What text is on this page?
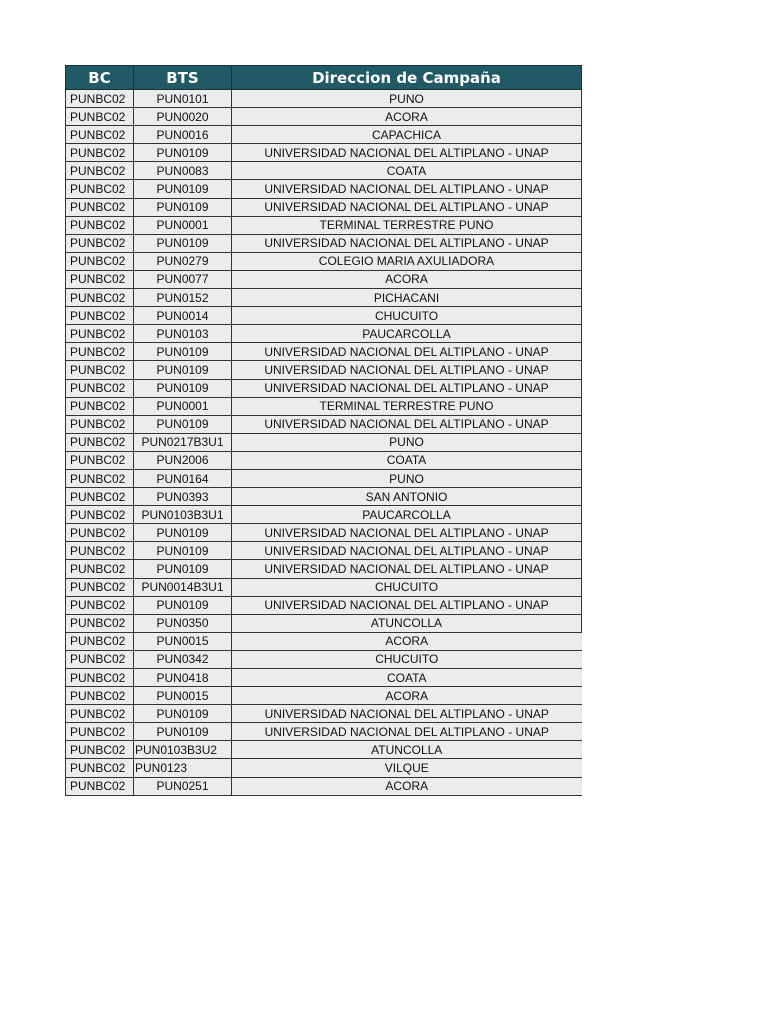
BC	BTS	Direccion de Campaña
PUNBC02	PUN0101	PUNO
PUNBC02	PUN0020	ACORA
PUNBC02	PUN0016	CAPACHICA
PUNBC02	PUN0109	UNIVERSIDAD NACIONAL DEL ALTIPLANO - UNAP
PUNBC02	PUN0083	COATA
PUNBC02	PUN0109	UNIVERSIDAD NACIONAL DEL ALTIPLANO - UNAP
PUNBC02	PUN0109	UNIVERSIDAD NACIONAL DEL ALTIPLANO - UNAP
PUNBC02	PUN0001	TERMINAL TERRESTRE PUNO
PUNBC02	PUN0109	UNIVERSIDAD NACIONAL DEL ALTIPLANO - UNAP
PUNBC02	PUN0279	COLEGIO MARIA AXULIADORA
PUNBC02	PUN0077	ACORA
PUNBC02	PUN0152	PICHACANI
PUNBC02	PUN0014	CHUCUITO
PUNBC02	PUN0103	PAUCARCOLLA
PUNBC02	PUN0109	UNIVERSIDAD NACIONAL DEL ALTIPLANO - UNAP
PUNBC02	PUN0109	UNIVERSIDAD NACIONAL DEL ALTIPLANO - UNAP
PUNBC02	PUN0109	UNIVERSIDAD NACIONAL DEL ALTIPLANO - UNAP
PUNBC02	PUN0001	TERMINAL TERRESTRE PUNO
PUNBC02	PUN0109	UNIVERSIDAD NACIONAL DEL ALTIPLANO - UNAP
PUNBC02	PUN0217B3U1	PUNO
PUNBC02	PUN2006	COATA
PUNBC02	PUN0164	PUNO
PUNBC02	PUN0393	SAN ANTONIO
PUNBC02	PUN0103B3U1	PAUCARCOLLA
PUNBC02	PUN0109	UNIVERSIDAD NACIONAL DEL ALTIPLANO - UNAP
PUNBC02	PUN0109	UNIVERSIDAD NACIONAL DEL ALTIPLANO - UNAP
PUNBC02	PUN0109	UNIVERSIDAD NACIONAL DEL ALTIPLANO - UNAP
PUNBC02	PUN0014B3U1	CHUCUITO
PUNBC02	PUN0109	UNIVERSIDAD NACIONAL DEL ALTIPLANO - UNAP
PUNBC02	PUN0350	ATUNCOLLA
PUNBC02	PUN0015	ACORA
PUNBC02	PUN0342	CHUCUITO
PUNBC02	PUN0418	COATA
PUNBC02	PUN0015	ACORA
PUNBC02	PUN0109	UNIVERSIDAD NACIONAL DEL ALTIPLANO - UNAP
PUNBC02	PUN0109	UNIVERSIDAD NACIONAL DEL ALTIPLANO - UNAP
PUNBC02	PUN0103B3U2	ATUNCOLLA
PUNBC02	PUN0123	VILQUE
PUNBC02	PUN0251	ACORA
